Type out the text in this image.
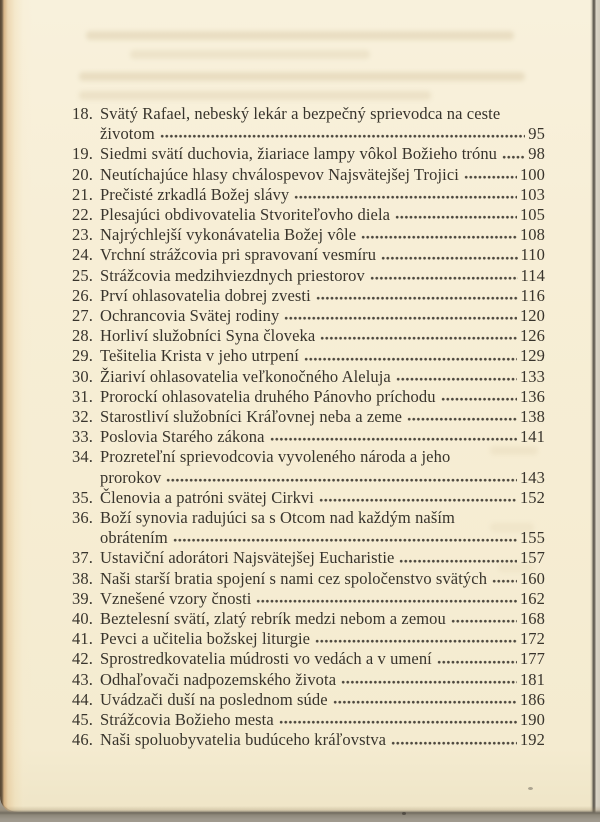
18. Svätý Rafael, nebeský lekár a bezpečný sprievodca na ceste
životom	95
19. Siedmi svätí duchovia, žiariace lampy vôkol Božieho trónu 98
20. Neutíchajúce hlasy chválospevov Najsvätejšej Trojici	100
21. Prečisté zrkadlá Božej slávy	103
22. Plesajúci obdivovatelia Stvoriteľovho diela	105
23. Najrýchlejší vykonávatelia Božej vôle	108
24. Vrchní strážcovia pri spravovaní vesmíru	110
25. Strážcovia medzihviezdnych priestorov	114
26. Prví ohlasovatelia dobrej zvesti	116
27. Ochrancovia Svätej rodiny	120
28. Horliví služobníci Syna človeka	126
29. Tešitelia Krista v jeho utrpení	129
30. Žiariví ohlasovatelia veľkonočného Aleluja	133
31. Prorockí ohlasovatelia druhého Pánovho príchodu	136
32. Starostliví služobníci Kráľovnej neba a zeme	138
33. Poslovia Starého zákona	141
34. Prozreteľní sprievodcovia vyvoleného národa a jeho
prorokov	143
35. Členovia a patróni svätej Cirkvi	152
36. Boží synovia radujúci sa s Otcom nad každým naším
obrátením	155
37. Ustaviční adorátori Najsvätejšej Eucharistie	157
38. Naši starší bratia spojení s nami cez spoločenstvo svätých 160
39. Vznešené vzory čnosti	162
40. Beztelesní svätí, zlatý rebrík medzi nebom a zemou	168
41. Pevci a učitelia božskej liturgie	172
42. Sprostredkovatelia múdrosti vo vedách a v umení	177
43. Odhaľovači nadpozemského života	181
44. Uvádzači duší na poslednom súde	186
45. Strážcovia Božieho mesta	190
46. Naši spoluobyvatelia budúceho kráľovstva	192
